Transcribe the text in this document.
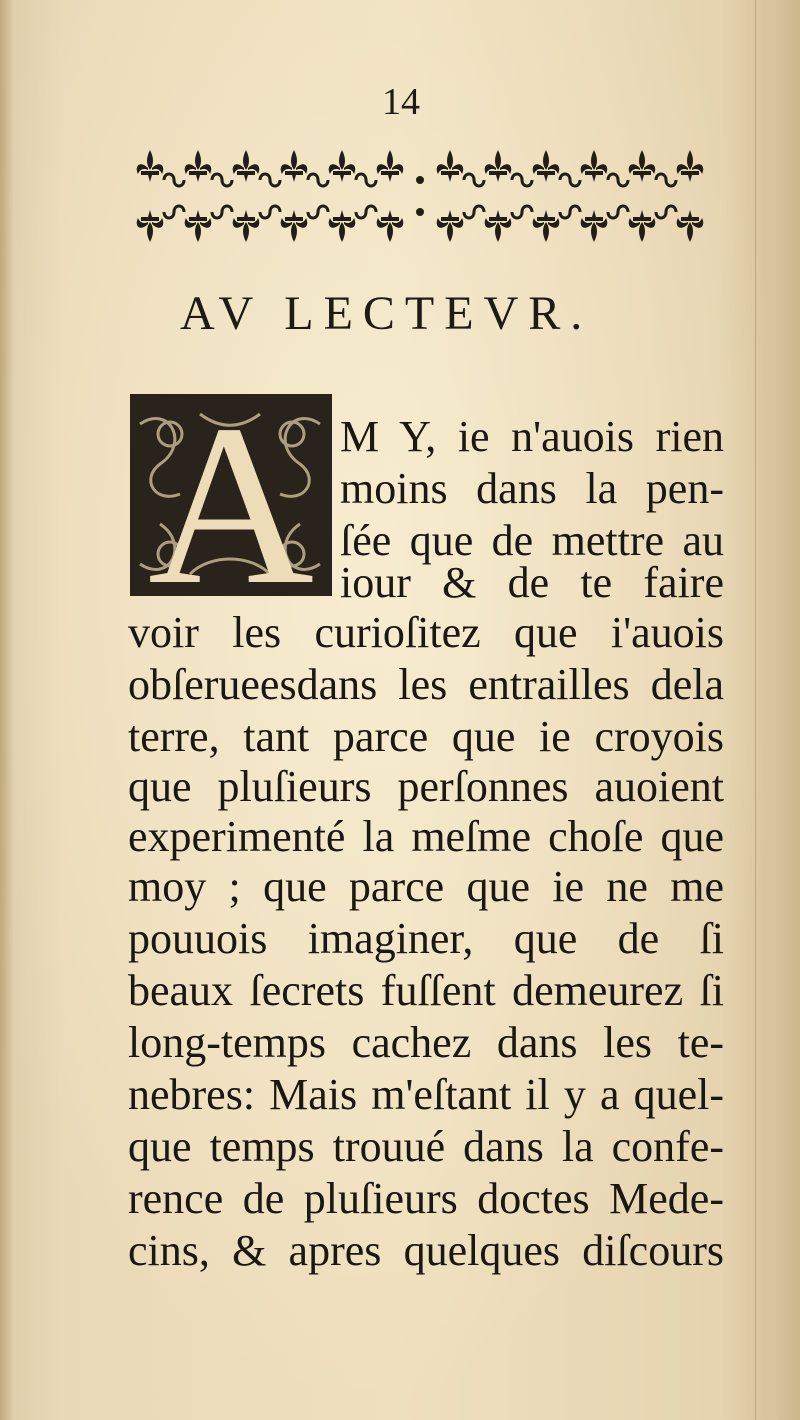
14
AV LECTEVR.
A M Y, ie n'auois rien
moins dans la pen-
ſée que de mettre au
iour & de te faire
voir les curioſitez que i'auois
obſerueesdans les entrailles dela
terre, tant parce que ie croyois
que pluſieurs perſonnes auoient
experimenté la meſme choſe que
moy ; que parce que ie ne me
pouuois imaginer, que de ſi
beaux ſecrets fuſſent demeurez ſi
long-temps cachez dans les te-
nebres: Mais m'eſtant il y a quel-
que temps trouué dans la confe-
rence de pluſieurs doctes Mede-
cins, & apres quelques diſcours
